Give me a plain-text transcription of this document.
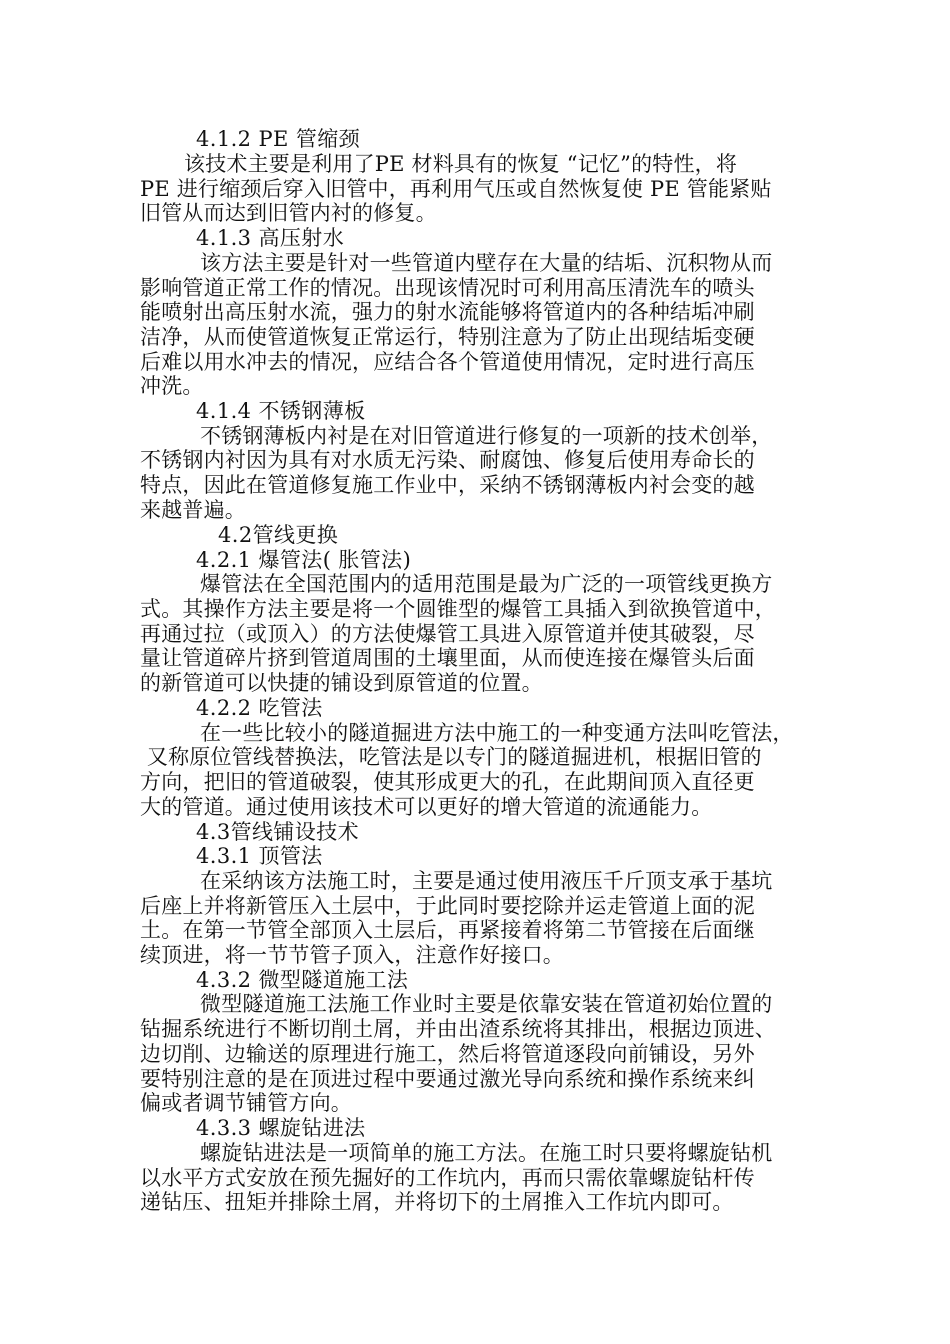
4.1.2 PE 管缩颈
该技术主要是利用了PE 材料具有的恢复 “记忆”的特性，将
PE 进行缩颈后穿入旧管中，再利用气压或自然恢复使 PE 管能紧贴
旧管从而达到旧管内衬的修复。
4.1.3 高压射水
该方法主要是针对一些管道内壁存在大量的结垢、沉积物从而
影响管道正常工作的情况。出现该情况时可利用高压清洗车的喷头
能喷射出高压射水流，强力的射水流能够将管道内的各种结垢冲刷
洁净，从而使管道恢复正常运行，特别注意为了防止出现结垢变硬
后难以用水冲去的情况，应结合各个管道使用情况，定时进行高压
冲洗。
4.1.4 不锈钢薄板
不锈钢薄板内衬是在对旧管道进行修复的一项新的技术创举，
不锈钢内衬因为具有对水质无污染、耐腐蚀、修复后使用寿命长的
特点，因此在管道修复施工作业中，采纳不锈钢薄板内衬会变的越
来越普遍。
4.2管线更换
4.2.1 爆管法( 胀管法)
爆管法在全国范围内的适用范围是最为广泛的一项管线更换方
式。其操作方法主要是将一个圆锥型的爆管工具插入到欲换管道中，
再通过拉（或顶入）的方法使爆管工具进入原管道并使其破裂，尽
量让管道碎片挤到管道周围的土壤里面，从而使连接在爆管头后面
的新管道可以快捷的铺设到原管道的位置。
4.2.2 吃管法
在一些比较小的隧道掘进方法中施工的一种变通方法叫吃管法，
又称原位管线替换法，吃管法是以专门的隧道掘进机，根据旧管的
方向，把旧的管道破裂，使其形成更大的孔，在此期间顶入直径更
大的管道。通过使用该技术可以更好的增大管道的流通能力。
4.3管线铺设技术
4.3.1 顶管法
在采纳该方法施工时，主要是通过使用液压千斤顶支承于基坑
后座上并将新管压入土层中，于此同时要挖除并运走管道上面的泥
土。在第一节管全部顶入土层后，再紧接着将第二节管接在后面继
续顶进，将一节节管子顶入，注意作好接口。
4.3.2 微型隧道施工法
微型隧道施工法施工作业时主要是依靠安装在管道初始位置的
钻掘系统进行不断切削土屑，并由出渣系统将其排出，根据边顶进、
边切削、边输送的原理进行施工，然后将管道逐段向前铺设，另外
要特别注意的是在顶进过程中要通过激光导向系统和操作系统来纠
偏或者调节铺管方向。
4.3.3 螺旋钻进法
螺旋钻进法是一项简单的施工方法。在施工时只要将螺旋钻机
以水平方式安放在预先掘好的工作坑内，再而只需依靠螺旋钻杆传
递钻压、扭矩并排除土屑，并将切下的土屑推入工作坑内即可。
